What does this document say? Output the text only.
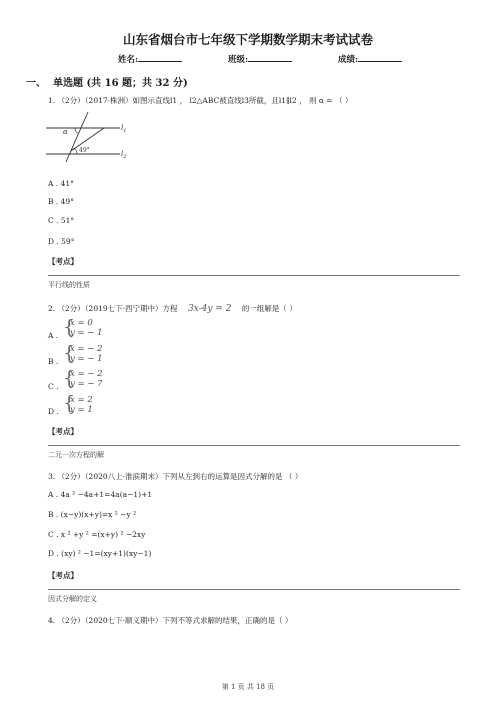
山东省烟台市七年级下学期数学期末考试试卷
姓名:	班级:	成绩:
一、 单选题 (共 16 题；共 32 分)
1. （2分）（2017·株洲）如图示直线l1 ， l2△ABC被直线l3所截，且l1∥l2 ， 则 α = （ ）
α
49°
$l_1$
$l_2$
A . 41°
B . 49°
C . 51°
D . 59°
【考点】
平行线的性质
2. （2分）（2019七下·西宁期中）方程 3x-4y = 2 的一组解是（ ）
A . {
x = 0
y = − 1
B . {
x = − 2
y = − 1
C . {
x = − 2
y = − 7
D . {
x = 2
y = 1
【考点】
二元一次方程的解
3. （2分）（2020八上·淮滨期末）下列从左到右的运算是因式分解的是 （ ）
A . 4a ² −4a+1=4a(a−1)+1
B . (x−y)(x+y)=x ² −y ²
C . x ² +y ² =(x+y) ² −2xy
D . (xy) ² −1=(xy+1)(xy−1)
【考点】
因式分解的定义
4. （2分）（2020七下·顺义期中）下列不等式求解的结果，正确的是（ ）
第 1 页 共 18 页
